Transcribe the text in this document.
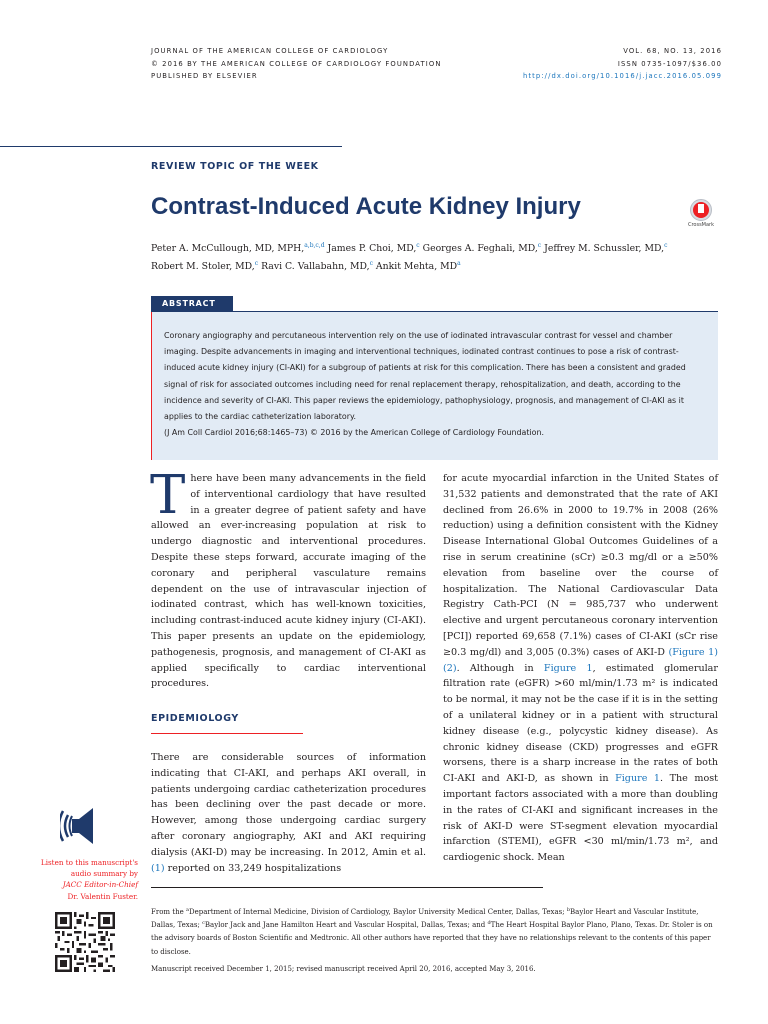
JOURNAL OF THE AMERICAN COLLEGE OF CARDIOLOGY
© 2016 BY THE AMERICAN COLLEGE OF CARDIOLOGY FOUNDATION
PUBLISHED BY ELSEVIER
VOL. 68, NO. 13, 2016
ISSN 0735-1097/$36.00
http://dx.doi.org/10.1016/j.jacc.2016.05.099
REVIEW TOPIC OF THE WEEK
Contrast-Induced Acute Kidney Injury
CrossMark
Peter A. McCullough, MD, MPH,$^{a,b,c,d}$ James P. Choi, MD,$^c$ Georges A. Feghali, MD,$^c$ Jeffrey M. Schussler, MD,$^c$
Robert M. Stoler, MD,$^c$ Ravi C. Vallabahn, MD,$^c$ Ankit Mehta, $MD^a$
ABSTRACT
Coronary angiography and percutaneous intervention rely on the use of iodinated intravascular contrast for vessel and chamber imaging. Despite advancements in imaging and interventional techniques, iodinated contrast continues to pose a risk of contrast-induced acute kidney injury (CI-AKI) for a subgroup of patients at risk for this complication. There has been a consistent and graded signal of risk for associated outcomes including need for renal replacement therapy, rehospitalization, and death, according to the incidence and severity of CI-AKI. This paper reviews the epidemiology, pathophysiology, prognosis, and management of CI-AKI as it applies to the cardiac catheterization laboratory.
(J Am Coll Cardiol 2016;68:1465–73) © 2016 by the American College of Cardiology Foundation.

There have been many advancements in the field of interventional cardiology that have resulted in a greater degree of patient safety and have allowed an ever-increasing population at risk to undergo diagnostic and interventional procedures. Despite these steps forward, accurate imaging of the coronary and peripheral vasculature remains dependent on the use of intravascular injection of iodinated contrast, which has well-known toxicities, including contrast-induced acute kidney injury (CI-AKI). This paper presents an update on the epidemiology, pathogenesis, prognosis, and management of CI-AKI as applied specifically to cardiac interventional procedures.

EPIDEMIOLOGY

There are considerable sources of information indicating that CI-AKI, and perhaps AKI overall, in patients undergoing cardiac catheterization procedures has been declining over the past decade or more. However, among those undergoing cardiac surgery after coronary angiography, AKI and AKI requiring dialysis (AKI-D) may be increasing. In 2012, Amin et al. (1) reported on 33,249 hospitalizations

for acute myocardial infarction in the United States of 31,532 patients and demonstrated that the rate of AKI declined from 26.6% in 2000 to 19.7% in 2008 (26% reduction) using a definition consistent with the Kidney Disease International Global Outcomes Guidelines of a rise in serum creatinine (sCr) ≥0.3 mg/dl or a ≥50% elevation from baseline over the course of hospitalization. The National Cardiovascular Data Registry Cath-PCI (N = 985,737 who underwent elective and urgent percutaneous coronary intervention [PCI]) reported 69,658 (7.1%) cases of CI-AKI (sCr rise ≥0.3 mg/dl) and 3,005 (0.3%) cases of AKI-D (Figure 1) (2). Although in Figure 1, estimated glomerular filtration rate (eGFR) >60 ml/min/1.73 m² is indicated to be normal, it may not be the case if it is in the setting of a unilateral kidney or in a patient with structural kidney disease (e.g., polycystic kidney disease). As chronic kidney disease (CKD) progresses and eGFR worsens, there is a sharp increase in the rates of both CI-AKI and AKI-D, as shown in Figure 1. The most important factors associated with a more than doubling in the rates of CI-AKI and significant increases in the risk of AKI-D were ST-segment elevation myocardial infarction (STEMI), eGFR <30 ml/min/1.73 m², and cardiogenic shock. Mean

Listen to this manuscript's
audio summary by
JACC Editor-in-Chief
Dr. Valentin Fuster.
From the $^a$Department of Internal Medicine, Division of Cardiology, Baylor University Medical Center, Dallas, Texas; $^b$Baylor Heart and Vascular Institute, Dallas, Texas; $^c$Baylor Jack and Jane Hamilton Heart and Vascular Hospital, Dallas, Texas; and $^d$The Heart Hospital Baylor Plano, Plano, Texas. Dr. Stoler is on the advisory boards of Boston Scientific and Medtronic. All other authors have reported that they have no relationships relevant to the contents of this paper to disclose.
Manuscript received December 1, 2015; revised manuscript received April 20, 2016, accepted May 3, 2016.
